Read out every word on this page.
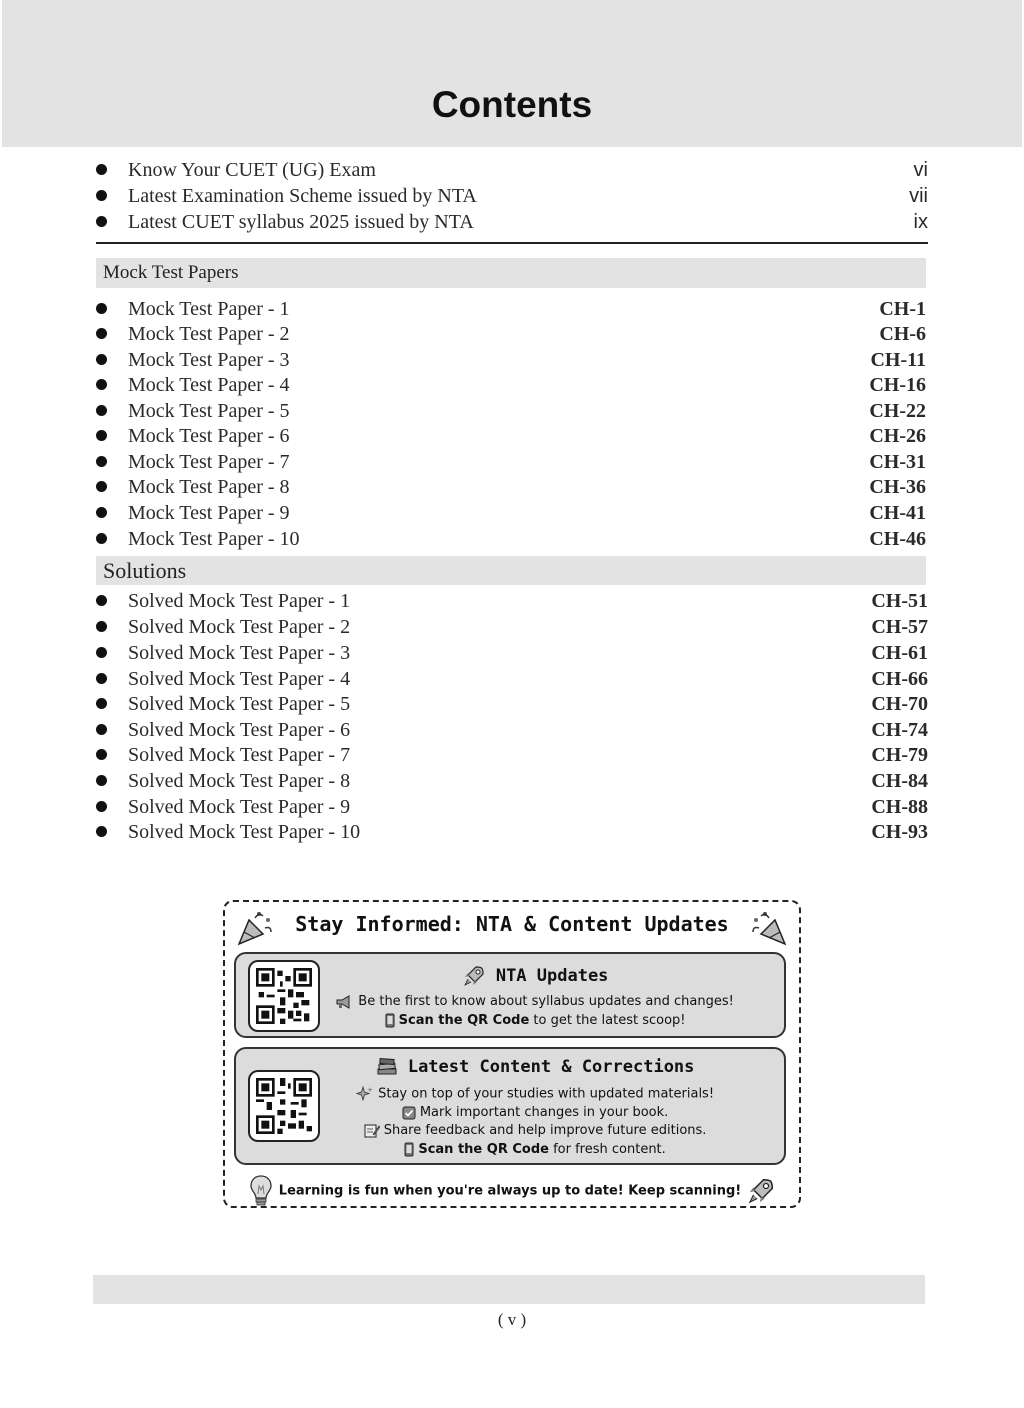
Contents
Know Your CUET (UG) Exam	vi
Latest Examination Scheme issued by NTA	vii
Latest CUET syllabus 2025 issued by NTA	ix
Mock Test Papers
Mock Test Paper - 1	CH-1
Mock Test Paper - 2	CH-6
Mock Test Paper - 3	CH-11
Mock Test Paper - 4	CH-16
Mock Test Paper - 5	CH-22
Mock Test Paper - 6	CH-26
Mock Test Paper - 7	CH-31
Mock Test Paper - 8	CH-36
Mock Test Paper - 9	CH-41
Mock Test Paper - 10	CH-46
Solutions
Solved Mock Test Paper - 1	CH-51
Solved Mock Test Paper - 2	CH-57
Solved Mock Test Paper - 3	CH-61
Solved Mock Test Paper - 4	CH-66
Solved Mock Test Paper - 5	CH-70
Solved Mock Test Paper - 6	CH-74
Solved Mock Test Paper - 7	CH-79
Solved Mock Test Paper - 8	CH-84
Solved Mock Test Paper - 9	CH-88
Solved Mock Test Paper - 10	CH-93
Stay Informed: NTA & Content Updates
NTA Updates
Be the first to know about syllabus updates and changes!
Scan the QR Code to get the latest scoop!
Latest Content & Corrections
Stay on top of your studies with updated materials!
Mark important changes in your book.
Share feedback and help improve future editions.
Scan the QR Code for fresh content.
Learning is fun when you're always up to date! Keep scanning!
( v )
